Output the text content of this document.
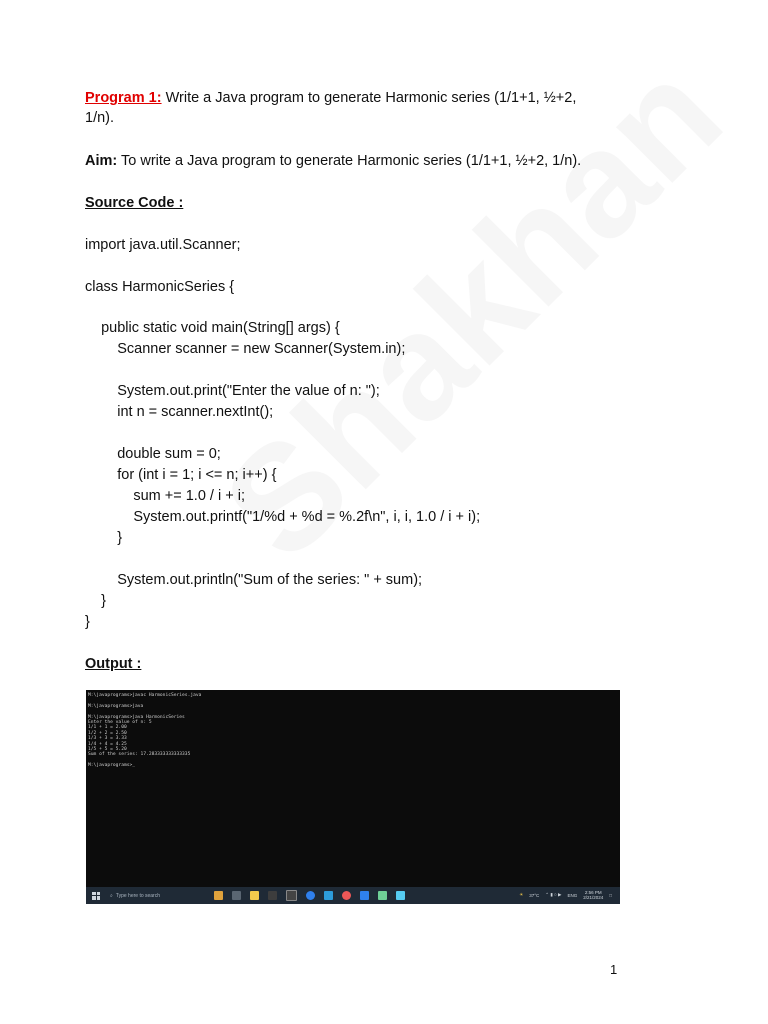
Program 1: Write a Java program to generate Harmonic series (1/1+1, ½+2,
1/n).
Aim: To write a Java program to generate Harmonic series (1/1+1, ½+2, 1/n).
Source Code :
import java.util.Scanner;
class HarmonicSeries {
public static void main(String[] args) {
Scanner scanner = new Scanner(System.in);
System.out.print("Enter the value of n: ");
int n = scanner.nextInt();
double sum = 0;
for (int i = 1; i <= n; i++) {
sum += 1.0 / i + i;
System.out.printf("1/%d + %d = %.2f\n", i, i, 1.0 / i + i);
}
System.out.println("Sum of the series: " + sum);
}
}
Output :
M:\javaprograms>javac HarmonicSeries.java

M:\javaprograms>java

M:\javaprograms>java HarmonicSeries
Enter the value of n: 5
1/1 + 1 = 2.00
1/2 + 2 = 2.50
1/3 + 3 = 3.33
1/4 + 4 = 4.25
1/5 + 5 = 5.20
Sum of the series: 17.283333333333335

M:\javaprograms>_
⌕ Type here to search	☀ 37°C ⌃ ▮ ○ ▶ ENG	2:56 PM
2/21/2024 □
1
